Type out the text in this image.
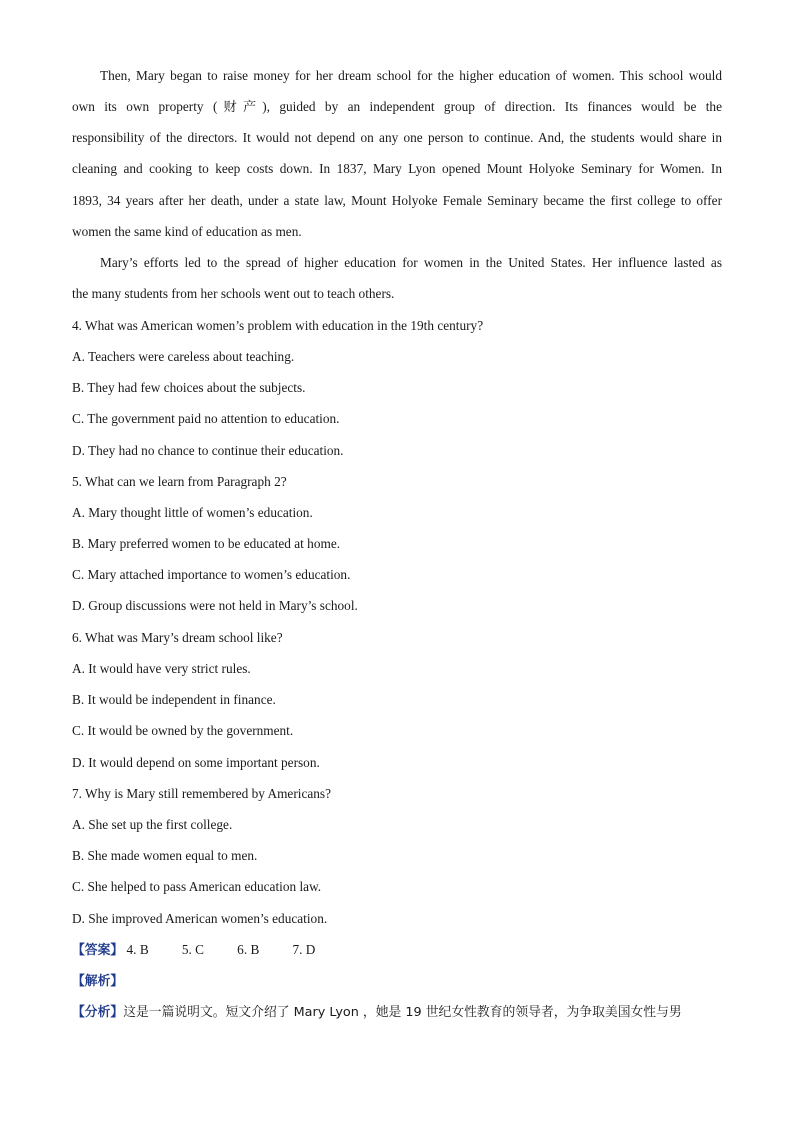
Then, Mary began to raise money for her dream school for the higher education of women. This school would
own its own property (财产), guided by an independent group of direction. Its finances would be the
responsibility of the directors. It would not depend on any one person to continue. And, the students would share in
cleaning and cooking to keep costs down. In 1837, Mary Lyon opened Mount Holyoke Seminary for Women. In
1893, 34 years after her death, under a state law, Mount Holyoke Female Seminary became the first college to offer
women the same kind of education as men.
Mary’s efforts led to the spread of higher education for women in the United States. Her influence lasted as
the many students from her schools went out to teach others.
4. What was American women’s problem with education in the 19th century?
A. Teachers were careless about teaching.
B. They had few choices about the subjects.
C. The government paid no attention to education.
D. They had no chance to continue their education.
5. What can we learn from Paragraph 2?
A. Mary thought little of women’s education.
B. Mary preferred women to be educated at home.
C. Mary attached importance to women’s education.
D. Group discussions were not held in Mary’s school.
6. What was Mary’s dream school like?
A. It would have very strict rules.
B. It would be independent in finance.
C. It would be owned by the government.
D. It would depend on some important person.
7. Why is Mary still remembered by Americans?
A. She set up the first college.
B. She made women equal to men.
C. She helped to pass American education law.
D. She improved American women’s education.
【答案】 4. B 5. C 6. B 7. D
【解析】
【分析】这是一篇说明文。短文介绍了 Mary Lyon ，她是 19 世纪女性教育的领导者，为争取美国女性与男
